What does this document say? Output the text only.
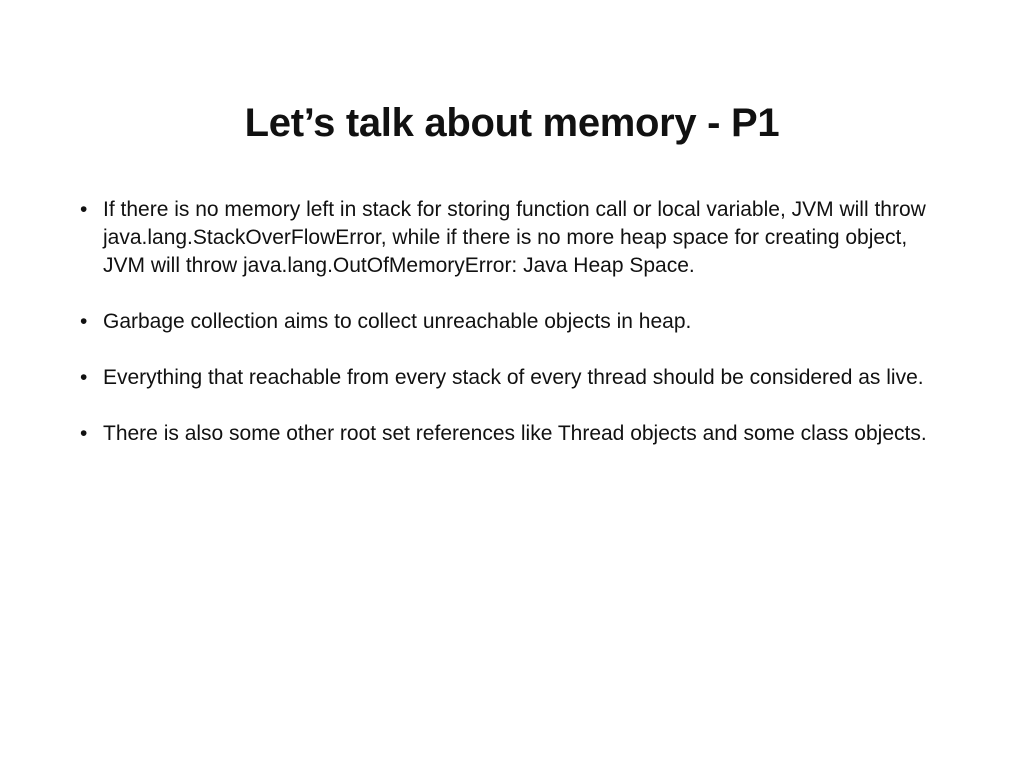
Let’s talk about memory - P1
• If there is no memory left in stack for storing function call or local variable, JVM will throw java.lang.StackOverFlowError, while if there is no more heap space for creating object, JVM will throw java.lang.OutOfMemoryError: Java Heap Space.
• Garbage collection aims to collect unreachable objects in heap.
• Everything that reachable from every stack of every thread should be considered as live.
• There is also some other root set references like Thread objects and some class objects.
